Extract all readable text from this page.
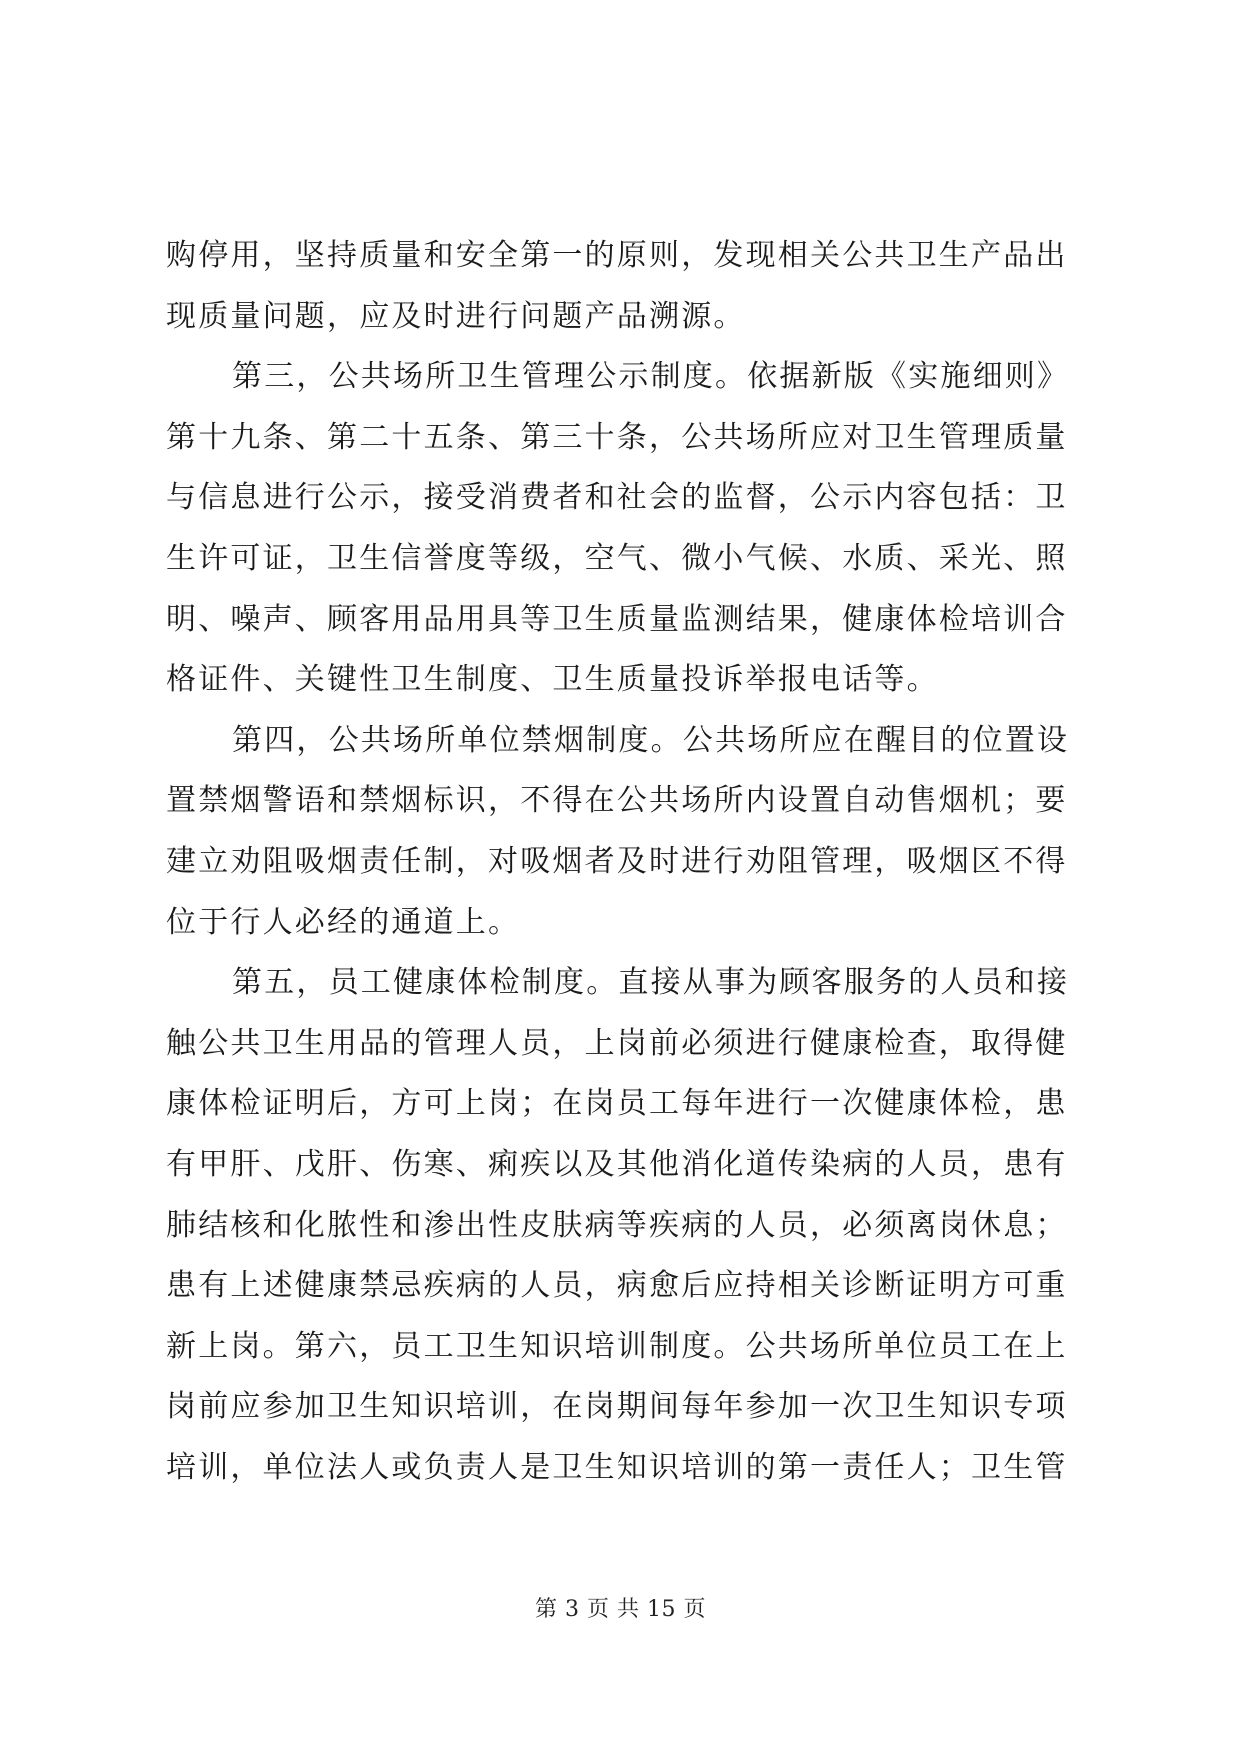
购停用，坚持质量和安全第一的原则，发现相关公共卫生产品出
现质量问题，应及时进行问题产品溯源。
第三，公共场所卫生管理公示制度。依据新版《实施细则》
第十九条、第二十五条、第三十条，公共场所应对卫生管理质量
与信息进行公示，接受消费者和社会的监督，公示内容包括：卫
生许可证，卫生信誉度等级，空气、微小气候、水质、采光、照
明、噪声、顾客用品用具等卫生质量监测结果，健康体检培训合
格证件、关键性卫生制度、卫生质量投诉举报电话等。
第四，公共场所单位禁烟制度。公共场所应在醒目的位置设
置禁烟警语和禁烟标识，不得在公共场所内设置自动售烟机；要
建立劝阻吸烟责任制，对吸烟者及时进行劝阻管理，吸烟区不得
位于行人必经的通道上。
第五，员工健康体检制度。直接从事为顾客服务的人员和接
触公共卫生用品的管理人员，上岗前必须进行健康检查，取得健
康体检证明后，方可上岗；在岗员工每年进行一次健康体检，患
有甲肝、戊肝、伤寒、痢疾以及其他消化道传染病的人员，患有
肺结核和化脓性和渗出性皮肤病等疾病的人员，必须离岗休息；
患有上述健康禁忌疾病的人员，病愈后应持相关诊断证明方可重
新上岗。第六，员工卫生知识培训制度。公共场所单位员工在上
岗前应参加卫生知识培训，在岗期间每年参加一次卫生知识专项
培训，单位法人或负责人是卫生知识培训的第一责任人；卫生管
第 3 页 共 15 页
